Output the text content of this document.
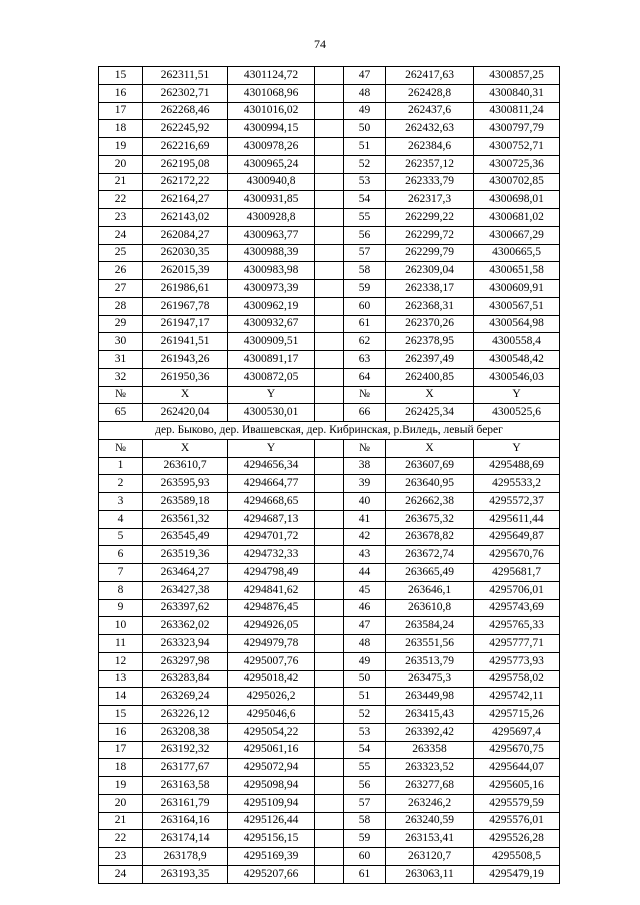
74
15	262311,51	4301124,72		47	262417,63	4300857,25
16	262302,71	4301068,96		48	262428,8	4300840,31
17	262268,46	4301016,02		49	262437,6	4300811,24
18	262245,92	4300994,15		50	262432,63	4300797,79
19	262216,69	4300978,26		51	262384,6	4300752,71
20	262195,08	4300965,24		52	262357,12	4300725,36
21	262172,22	4300940,8		53	262333,79	4300702,85
22	262164,27	4300931,85		54	262317,3	4300698,01
23	262143,02	4300928,8		55	262299,22	4300681,02
24	262084,27	4300963,77		56	262299,72	4300667,29
25	262030,35	4300988,39		57	262299,79	4300665,5
26	262015,39	4300983,98		58	262309,04	4300651,58
27	261986,61	4300973,39		59	262338,17	4300609,91
28	261967,78	4300962,19		60	262368,31	4300567,51
29	261947,17	4300932,67		61	262370,26	4300564,98
30	261941,51	4300909,51		62	262378,95	4300558,4
31	261943,26	4300891,17		63	262397,49	4300548,42
32	261950,36	4300872,05		64	262400,85	4300546,03
№	X	Y		№	X	Y
65	262420,04	4300530,01		66	262425,34	4300525,6
дер. Быково, дер. Ивашевская, дер. Кибринская, р.Виледь, левый берег						
№	X	Y		№	X	Y
1	263610,7	4294656,34		38	263607,69	4295488,69
2	263595,93	4294664,77		39	263640,95	4295533,2
3	263589,18	4294668,65		40	262662,38	4295572,37
4	263561,32	4294687,13		41	263675,32	4295611,44
5	263545,49	4294701,72		42	263678,82	4295649,87
6	263519,36	4294732,33		43	263672,74	4295670,76
7	263464,27	4294798,49		44	263665,49	4295681,7
8	263427,38	4294841,62		45	263646,1	4295706,01
9	263397,62	4294876,45		46	263610,8	4295743,69
10	263362,02	4294926,05		47	263584,24	4295765,33
11	263323,94	4294979,78		48	263551,56	4295777,71
12	263297,98	4295007,76		49	263513,79	4295773,93
13	263283,84	4295018,42		50	263475,3	4295758,02
14	263269,24	4295026,2		51	263449,98	4295742,11
15	263226,12	4295046,6		52	263415,43	4295715,26
16	263208,38	4295054,22		53	263392,42	4295697,4
17	263192,32	4295061,16		54	263358	4295670,75
18	263177,67	4295072,94		55	263323,52	4295644,07
19	263163,58	4295098,94		56	263277,68	4295605,16
20	263161,79	4295109,94		57	263246,2	4295579,59
21	263164,16	4295126,44		58	263240,59	4295576,01
22	263174,14	4295156,15		59	263153,41	4295526,28
23	263178,9	4295169,39		60	263120,7	4295508,5
24	263193,35	4295207,66		61	263063,11	4295479,19
